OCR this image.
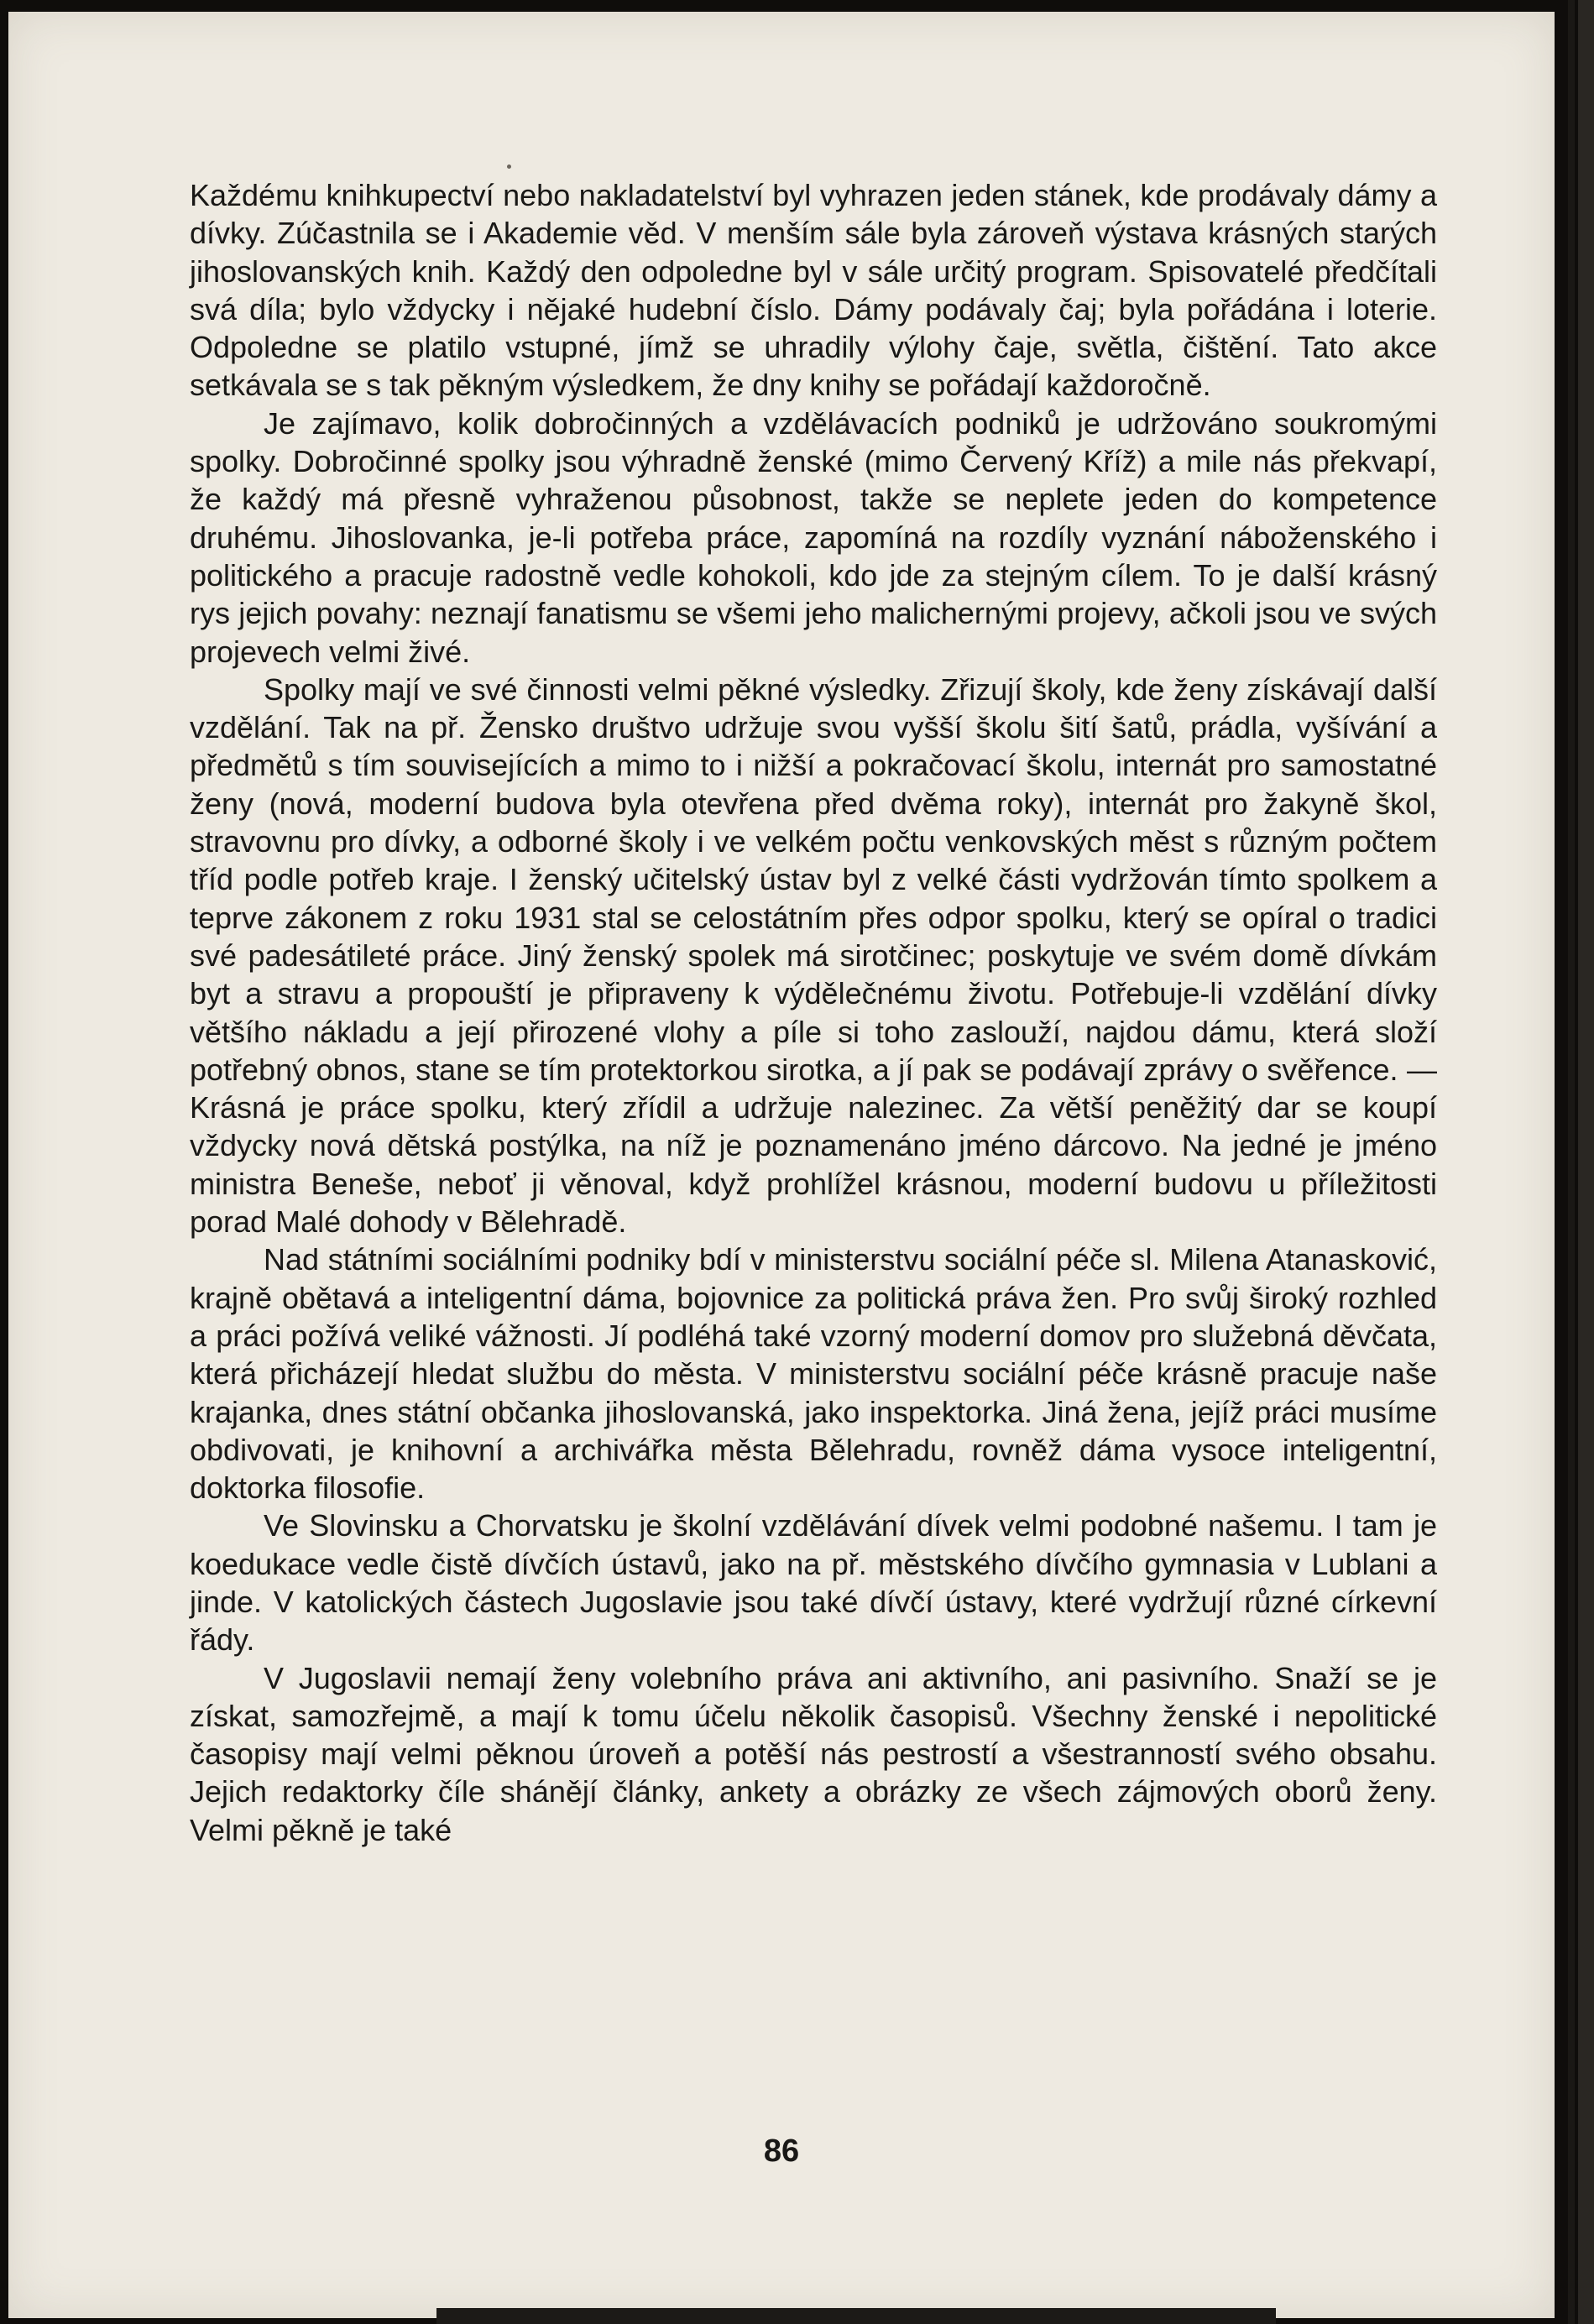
Každému knihkupectví nebo nakladatelství byl vyhrazen jeden stánek, kde prodávaly dámy a dívky. Zúčastnila se i Akademie věd. V menším sále byla zároveň výstava krásných starých jihoslovanských knih. Každý den odpoledne byl v sále určitý program. Spisovatelé předčítali svá díla; bylo vždycky i nějaké hudební číslo. Dámy podávaly čaj; byla pořádána i loterie. Odpoledne se platilo vstupné, jímž se uhradily výlohy čaje, světla, čištění. Tato akce setkávala se s tak pěkným výsledkem, že dny knihy se pořádají každoročně.

Je zajímavo, kolik dobročinných a vzdělávacích podniků je udržováno soukromými spolky. Dobročinné spolky jsou výhradně ženské (mimo Červený Kříž) a mile nás překvapí, že každý má přesně vyhraženou působnost, takže se neplete jeden do kompetence druhému. Jihoslovanka, je-li potřeba práce, zapomíná na rozdíly vyznání náboženského i politického a pracuje radostně vedle kohokoli, kdo jde za stejným cílem. To je další krásný rys jejich povahy: neznají fanatismu se všemi jeho malichernými projevy, ačkoli jsou ve svých projevech velmi živé.

Spolky mají ve své činnosti velmi pěkné výsledky. Zřizují školy, kde ženy získávají další vzdělání. Tak na př. Žensko društvo udržuje svou vyšší školu šití šatů, prádla, vyšívání a předmětů s tím souvisejících a mimo to i nižší a pokračovací školu, internát pro samostatné ženy (nová, moderní budova byla otevřena před dvěma roky), internát pro žakyně škol, stravovnu pro dívky, a odborné školy i ve velkém počtu venkovských měst s různým počtem tříd podle potřeb kraje. I ženský učitelský ústav byl z velké části vydržován tímto spolkem a teprve zákonem z roku 1931 stal se celostátním přes odpor spolku, který se opíral o tradici své padesátileté práce. Jiný ženský spolek má sirotčinec; poskytuje ve svém domě dívkám byt a stravu a propouští je připraveny k výdělečnému životu. Potřebuje-li vzdělání dívky většího nákladu a její přirozené vlohy a píle si toho zaslouží, najdou dámu, která složí potřebný obnos, stane se tím protektorkou sirotka, a jí pak se podávají zprávy o svěřence. — Krásná je práce spolku, který zřídil a udržuje nalezinec. Za větší peněžitý dar se koupí vždycky nová dětská postýlka, na níž je poznamenáno jméno dárcovo. Na jedné je jméno ministra Beneše, neboť ji věnoval, když prohlížel krásnou, moderní budovu u příležitosti porad Malé dohody v Bělehradě.

Nad státními sociálními podniky bdí v ministerstvu sociální péče sl. Milena Atanasković, krajně obětavá a inteligentní dáma, bojovnice za politická práva žen. Pro svůj široký rozhled a práci požívá veliké vážnosti. Jí podléhá také vzorný moderní domov pro služebná děvčata, která přicházejí hledat službu do města. V ministerstvu sociální péče krásně pracuje naše krajanka, dnes státní občanka jihoslovanská, jako inspektorka. Jiná žena, jejíž práci musíme obdivovati, je knihovní a archivářka města Bělehradu, rovněž dáma vysoce inteligentní, doktorka filosofie.

Ve Slovinsku a Chorvatsku je školní vzdělávání dívek velmi podobné našemu. I tam je koedukace vedle čistě dívčích ústavů, jako na př. městského dívčího gymnasia v Lublani a jinde. V katolických částech Jugoslavie jsou také dívčí ústavy, které vydržují různé církevní řády.

V Jugoslavii nemají ženy volebního práva ani aktivního, ani pasivního. Snaží se je získat, samozřejmě, a mají k tomu účelu několik časopisů. Všechny ženské i nepolitické časopisy mají velmi pěknou úroveň a potěší nás pestrostí a všestranností svého obsahu. Jejich redaktorky číle shánějí články, ankety a obrázky ze všech zájmových oborů ženy. Velmi pěkně je také

86
